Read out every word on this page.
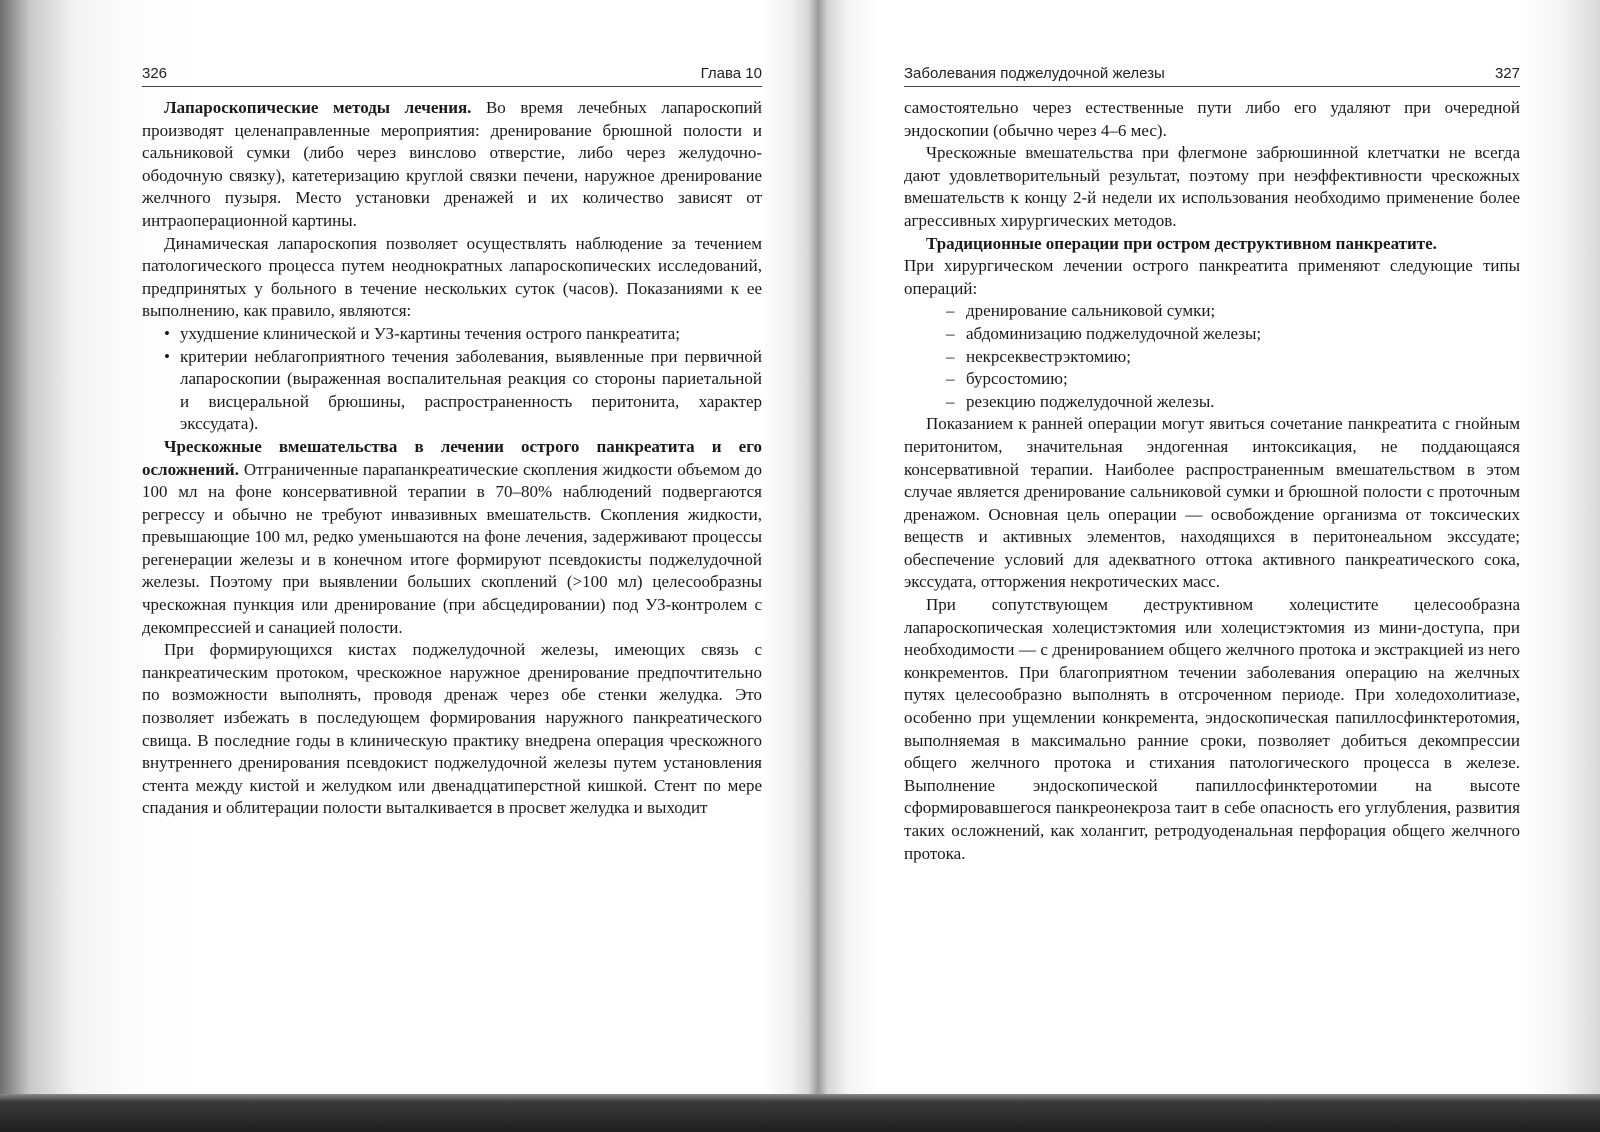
326	Глава 10

Лапароскопические методы лечения. Во время лечебных лапароскопий производят целенаправленные мероприятия: дренирование брюшной полости и сальниковой сумки (либо через винслово отверстие, либо через желудочно-ободочную связку), катетеризацию круглой связки печени, наружное дренирование желчного пузыря. Место установки дренажей и их количество зависят от интраоперационной картины.

Динамическая лапароскопия позволяет осуществлять наблюдение за течением патологического процесса путем неоднократных лапароскопических исследований, предпринятых у больного в течение нескольких суток (часов). Показаниями к ее выполнению, как правило, являются:

• ухудшение клинической и УЗ-картины течения острого панкреатита;
• критерии неблагоприятного течения заболевания, выявленные при первичной лапароскопии (выраженная воспалительная реакция со стороны париетальной и висцеральной брюшины, распространенность перитонита, характер экссудата).

Чрескожные вмешательства в лечении острого панкреатита и его осложнений. Отграниченные парапанкреатические скопления жидкости объемом до 100 мл на фоне консервативной терапии в 70–80% наблюдений подвергаются регрессу и обычно не требуют инвазивных вмешательств. Скопления жидкости, превышающие 100 мл, редко уменьшаются на фоне лечения, задерживают процессы регенерации железы и в конечном итоге формируют псевдокисты поджелудочной железы. Поэтому при выявлении больших скоплений (>100 мл) целесообразны чрескожная пункция или дренирование (при абсцедировании) под УЗ-контролем с декомпрессией и санацией полости.

При формирующихся кистах поджелудочной железы, имеющих связь с панкреатическим протоком, чрескожное наружное дренирование предпочтительно по возможности выполнять, проводя дренаж через обе стенки желудка. Это позволяет избежать в последующем формирования наружного панкреатического свища. В последние годы в клиническую практику внедрена операция чрескожного внутреннего дренирования псевдокист поджелудочной железы путем установления стента между кистой и желудком или двенадцатиперстной кишкой. Стент по мере спадания и облитерации полости выталкивается в просвет желудка и выходит

Заболевания поджелудочной железы	327

самостоятельно через естественные пути либо его удаляют при очередной эндоскопии (обычно через 4–6 мес).

Чрескожные вмешательства при флегмоне забрюшинной клетчатки не всегда дают удовлетворительный результат, поэтому при неэффективности чрескожных вмешательств к концу 2-й недели их использования необходимо применение более агрессивных хирургических методов.

Традиционные операции при остром деструктивном панкреатите.

При хирургическом лечении острого панкреатита применяют следующие типы операций:

– дренирование сальниковой сумки;
– абдоминизацию поджелудочной железы;
– некрсеквестрэктомию;
– бурсостомию;
– резекцию поджелудочной железы.

Показанием к ранней операции могут явиться сочетание панкреатита с гнойным перитонитом, значительная эндогенная интоксикация, не поддающаяся консервативной терапии. Наиболее распространенным вмешательством в этом случае является дренирование сальниковой сумки и брюшной полости с проточным дренажом. Основная цель операции — освобождение организма от токсических веществ и активных элементов, находящихся в перитонеальном экссудате; обеспечение условий для адекватного оттока активного панкреатического сока, экссудата, отторжения некротических масс.

При сопутствующем деструктивном холецистите целесообразна лапароскопическая холецистэктомия или холецистэктомия из мини-доступа, при необходимости — с дренированием общего желчного протока и экстракцией из него конкрементов. При благоприятном течении заболевания операцию на желчных путях целесообразно выполнять в отсроченном периоде. При холедохолитиазе, особенно при ущемлении конкремента, эндоскопическая папиллосфинктеротомия, выполняемая в максимально ранние сроки, позволяет добиться декомпрессии общего желчного протока и стихания патологического процесса в железе. Выполнение эндоскопической папиллосфинктеротомии на высоте сформировавшегося панкреонекроза таит в себе опасность его углубления, развития таких осложнений, как холангит, ретродуоденальная перфорация общего желчного протока.
